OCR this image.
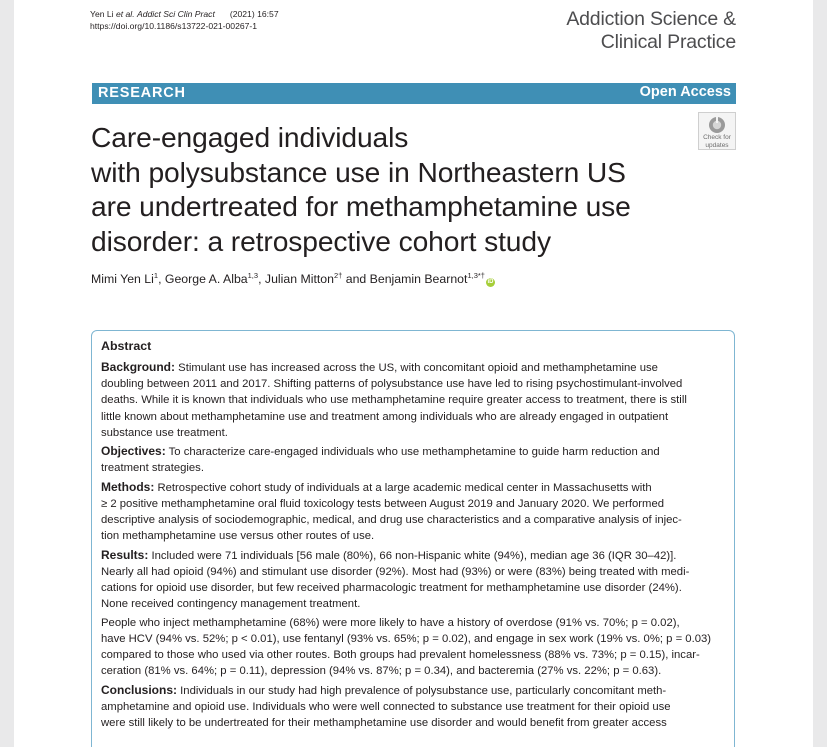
Yen Li et al. Addict Sci Clin Pract (2021) 16:57
https://doi.org/10.1186/s13722-021-00267-1	Addiction Science &
Clinical Practice
RESEARCH	Open Access
Check for
updates
Care-engaged individuals
with polysubstance use in Northeastern US
are undertreated for methamphetamine use
disorder: a retrospective cohort study
Mimi Yen Li$^1$, George A. Alba$^{1,3}$, Julian Mitton$^{2\dagger}$ and Benjamin Bearnot$^{1,3*\dagger}$iD
Abstract

Background: Stimulant use has increased across the US, with concomitant opioid and methamphetamine use
doubling between 2011 and 2017. Shifting patterns of polysubstance use have led to rising psychostimulant-involved
deaths. While it is known that individuals who use methamphetamine require greater access to treatment, there is still
little known about methamphetamine use and treatment among individuals who are already engaged in outpatient
substance use treatment.

Objectives: To characterize care-engaged individuals who use methamphetamine to guide harm reduction and
treatment strategies.

Methods: Retrospective cohort study of individuals at a large academic medical center in Massachusetts with
≥ 2 positive methamphetamine oral fluid toxicology tests between August 2019 and January 2020. We performed
descriptive analysis of sociodemographic, medical, and drug use characteristics and a comparative analysis of injec-
tion methamphetamine use versus other routes of use.

Results: Included were 71 individuals [56 male (80%), 66 non-Hispanic white (94%), median age 36 (IQR 30–42)].
Nearly all had opioid (94%) and stimulant use disorder (92%). Most had (93%) or were (83%) being treated with medi-
cations for opioid use disorder, but few received pharmacologic treatment for methamphetamine use disorder (24%).
None received contingency management treatment.

People who inject methamphetamine (68%) were more likely to have a history of overdose (91% vs. 70%; p = 0.02),
have HCV (94% vs. 52%; p < 0.01), use fentanyl (93% vs. 65%; p = 0.02), and engage in sex work (19% vs. 0%; p = 0.03)
compared to those who used via other routes. Both groups had prevalent homelessness (88% vs. 73%; p = 0.15), incar-
ceration (81% vs. 64%; p = 0.11), depression (94% vs. 87%; p = 0.34), and bacteremia (27% vs. 22%; p = 0.63).

Conclusions: Individuals in our study had high prevalence of polysubstance use, particularly concomitant meth-
amphetamine and opioid use. Individuals who were well connected to substance use treatment for their opioid use
were still likely to be undertreated for their methamphetamine use disorder and would benefit from greater access
